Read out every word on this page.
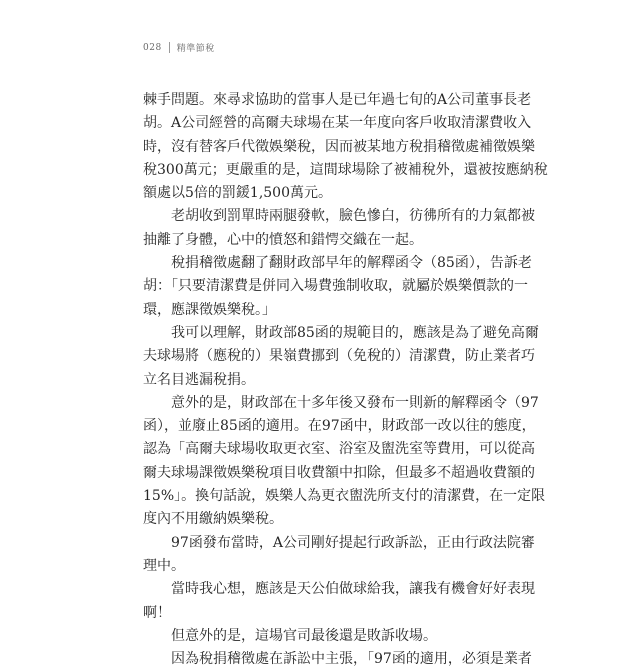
028 精準節稅
棘手問題。來尋求協助的當事人是已年過七旬的A公司董事長老
胡。A公司經營的高爾夫球場在某一年度向客戶收取清潔費收入
時，沒有替客戶代徵娛樂稅，因而被某地方稅捐稽徵處補徵娛樂
稅300萬元；更嚴重的是，這間球場除了被補稅外，還被按應納稅
額處以5倍的罰鍰1,500萬元。
老胡收到罰單時兩腿發軟，臉色慘白，彷彿所有的力氣都被
抽離了身體，心中的憤怒和錯愕交織在一起。
稅捐稽徵處翻了翻財政部早年的解釋函令（85函），告訴老
胡：「只要清潔費是併同入場費強制收取，就屬於娛樂價款的一
環，應課徵娛樂稅。」
我可以理解，財政部85函的規範目的，應該是為了避免高爾
夫球場將（應稅的）果嶺費挪到（免稅的）清潔費，防止業者巧
立名目逃漏稅捐。
意外的是，財政部在十多年後又發布一則新的解釋函令（97
函），並廢止85函的適用。在97函中，財政部一改以往的態度，
認為「高爾夫球場收取更衣室、浴室及盥洗室等費用，可以從高
爾夫球場課徵娛樂稅項目收費額中扣除，但最多不超過收費額的
15%」。換句話說，娛樂人為更衣盥洗所支付的清潔費，在一定限
度內不用繳納娛樂稅。
97函發布當時，A公司剛好提起行政訴訟，正由行政法院審
理中。
當時我心想，應該是天公伯做球給我，讓我有機會好好表現
啊！
但意外的是，這場官司最後還是敗訴收場。
因為稅捐稽徵處在訴訟中主張，「97函的適用，必須是業者
